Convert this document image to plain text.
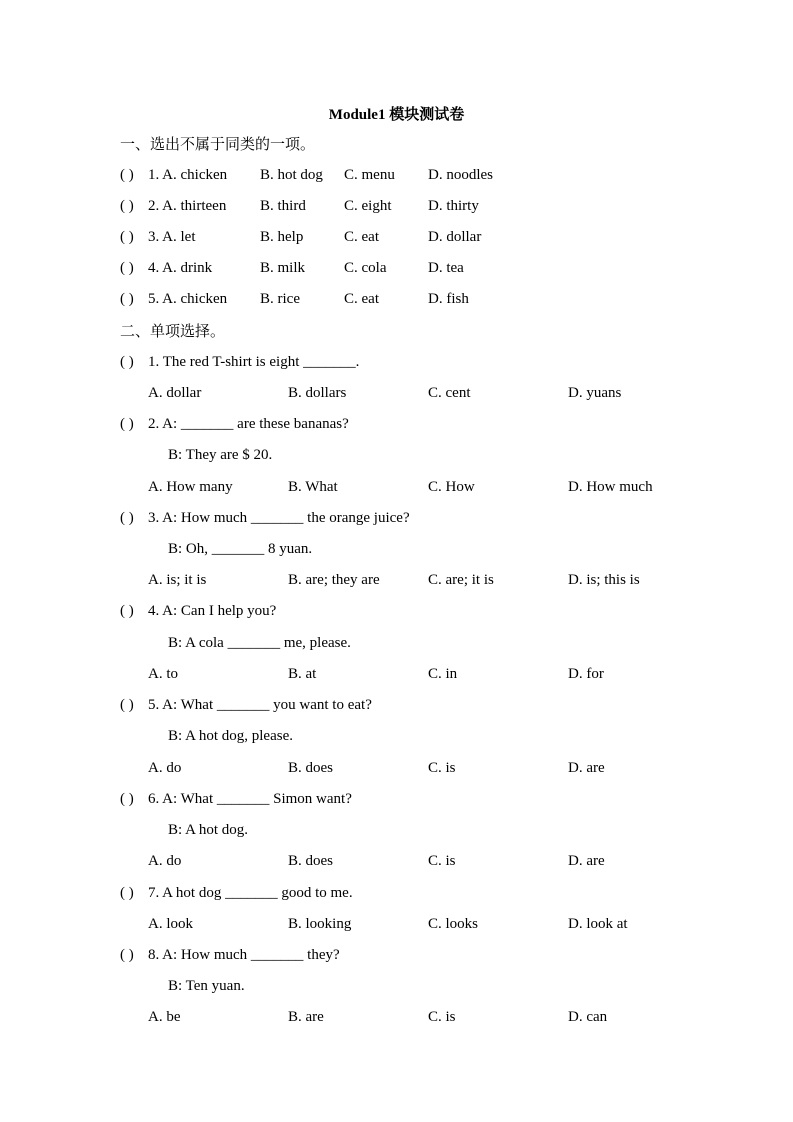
Module1 模块测试卷
一、选出不属于同类的一项。
( ) 1. A. chicken B. hot dog C. menu D. noodles
( ) 2. A. thirteen B. third	C. eight D. thirty
( ) 3. A. let	B. help	C. eat	D. dollar
( ) 4. A. drink	B. milk	C. cola	D. tea
( ) 5. A. chicken B. rice	C. eat	D. fish
二、单项选择。
( ) 1. The red T-shirt is eight _______.
A. dollar	B. dollars	C. cent	D. yuans
( ) 2. A: _______ are these bananas?
B: They are $ 20.
A. How many	B. What	C. How	D. How much
( ) 3. A: How much _______ the orange juice?
B: Oh, _______ 8 yuan.
A. is; it is	B. are; they are	C. are; it is	D. is; this is
( ) 4. A: Can I help you?
B: A cola _______ me, please.
A. to	B. at	C. in	D. for
( ) 5. A: What _______ you want to eat?
B: A hot dog, please.
A. do	B. does	C. is	D. are
( ) 6. A: What _______ Simon want?
B: A hot dog.
A. do	B. does	C. is	D. are
( ) 7. A hot dog _______ good to me.
A. look	B. looking	C. looks	D. look at
( ) 8. A: How much _______ they?
B: Ten yuan.
A. be	B. are	C. is	D. can
